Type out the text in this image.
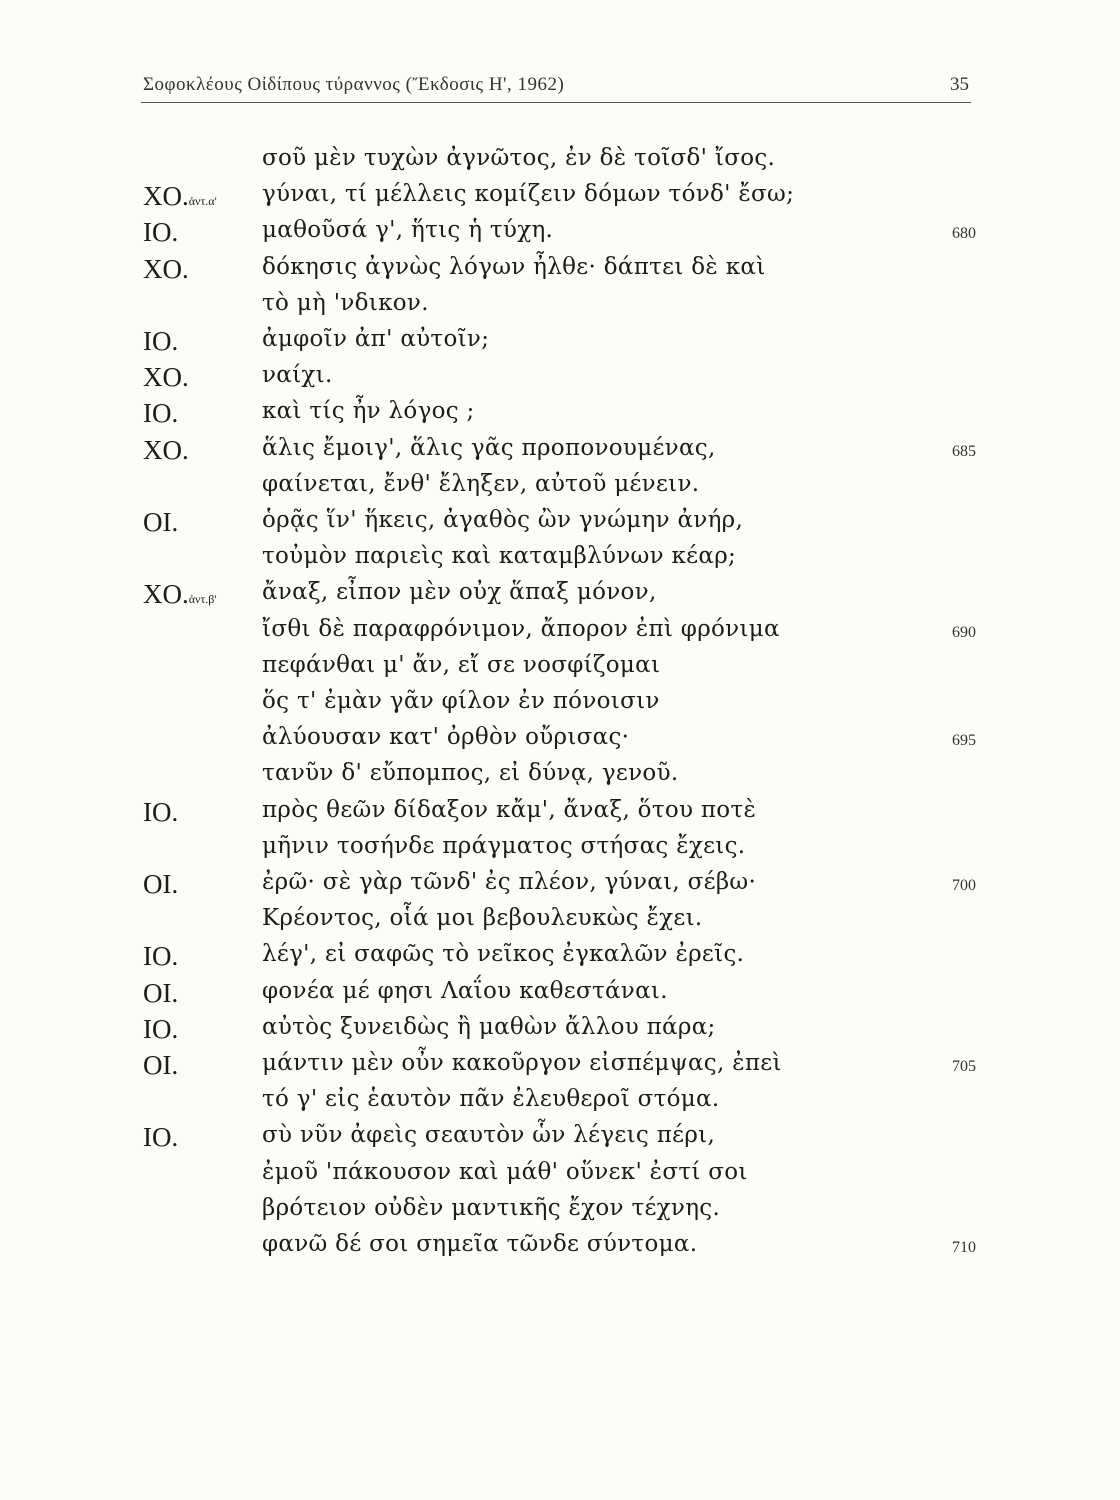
Σοφοκλέους Οἰδίπους τύραννος (Ἔκδοσις Η', 1962)	35
σοῦ μὲν τυχὼν ἀγνῶτος, ἐν δὲ τοῖσδ' ἴσος.
ΧΟ.ἀντ.α' γύναι, τί μέλλεις κομίζειν δόμων τόνδ' ἔσω;
ΙΟ.	μαθοῦσά γ', ἥτις ἡ τύχη.	680
ΧΟ.	δόκησις ἀγνὼς λόγων ἦλθε· δάπτει δὲ καὶ
τὸ μὴ 'νδικον.
ΙΟ.	ἀμφοῖν ἀπ' αὐτοῖν;
ΧΟ.	ναίχι.
ΙΟ.	καὶ τίς ἦν λόγος ;
ΧΟ.	ἅλις ἔμοιγ', ἅλις γᾶς προπονουμένας,	685
φαίνεται, ἔνθ' ἔληξεν, αὐτοῦ μένειν.
ΟΙ.	ὁρᾷς ἵν' ἥκεις, ἀγαθὸς ὢν γνώμην ἀνήρ,
τοὐμὸν παριεὶς καὶ καταμβλύνων κέαρ;
ΧΟ.ἀντ.β' ἄναξ, εἶπον μὲν οὐχ ἅπαξ μόνον,
ἴσθι δὲ παραφρόνιμον, ἄπορον ἐπὶ φρόνιμα	690
πεφάνθαι μ' ἄν, εἴ σε νοσφίζομαι
ὅς τ' ἐμὰν γᾶν φίλον ἐν πόνοισιν
ἀλύουσαν κατ' ὀρθὸν οὔρισας·	695
τανῦν δ' εὔπομπος, εἰ δύνᾳ, γενοῦ.
ΙΟ.	πρὸς θεῶν δίδαξον κἄμ', ἄναξ, ὅτου ποτὲ
μῆνιν τοσήνδε πράγματος στήσας ἔχεις.
ΟΙ.	ἐρῶ· σὲ γὰρ τῶνδ' ἐς πλέον, γύναι, σέβω·	700
Κρέοντος, οἷά μοι βεβουλευκὼς ἔχει.
ΙΟ.	λέγ', εἰ σαφῶς τὸ νεῖκος ἐγκαλῶν ἐρεῖς.
ΟΙ.	φονέα μέ φησι Λαΐου καθεστάναι.
ΙΟ.	αὐτὸς ξυνειδὼς ἢ μαθὼν ἄλλου πάρα;
ΟΙ.	μάντιν μὲν οὖν κακοῦργον εἰσπέμψας, ἐπεὶ	705
τό γ' εἰς ἑαυτὸν πᾶν ἐλευθεροῖ στόμα.
ΙΟ.	σὺ νῦν ἀφεὶς σεαυτὸν ὧν λέγεις πέρι,
ἐμοῦ 'πάκουσον καὶ μάθ' οὕνεκ' ἐστί σοι
βρότειον οὐδὲν μαντικῆς ἔχον τέχνης.
φανῶ δέ σοι σημεῖα τῶνδε σύντομα.	710
